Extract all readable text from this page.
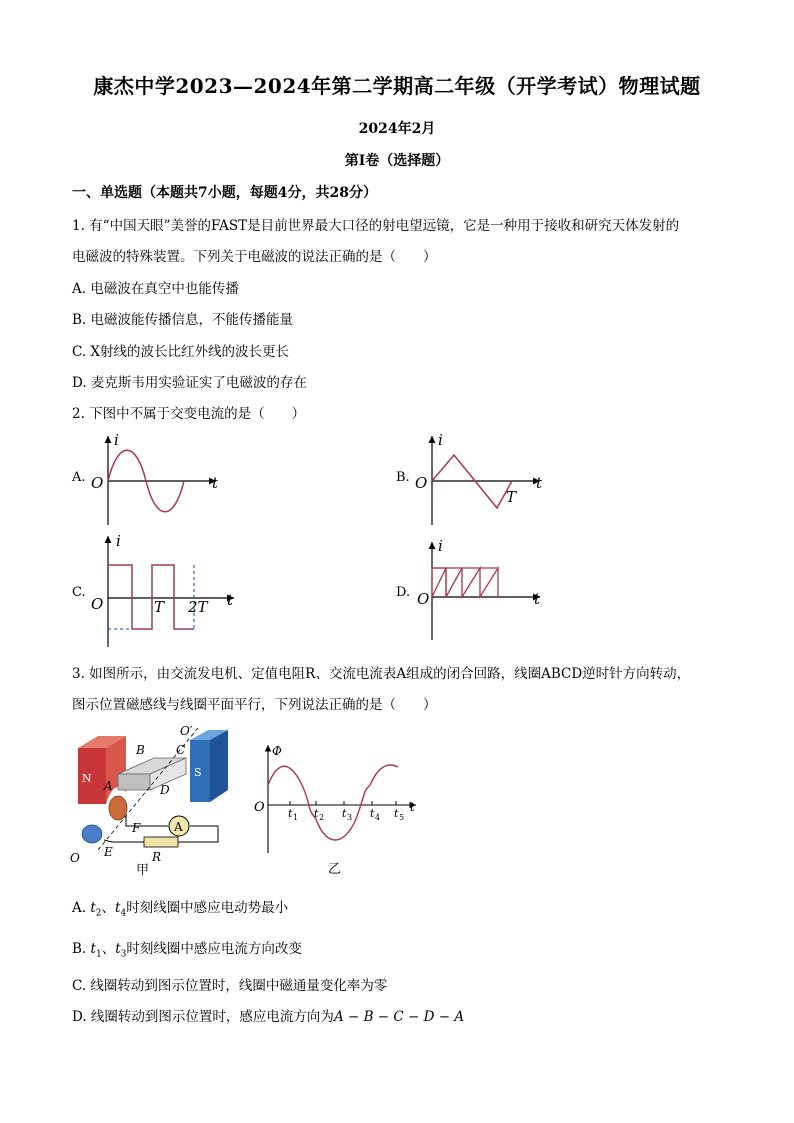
康杰中学2023—2024年第二学期高二年级（开学考试）物理试题
2024年2月
第Ⅰ卷（选择题）
一、单选题（本题共7小题，每题4分，共28分）
1. 有“中国天眼”美誉的FAST是目前世界最大口径的射电望远镜，它是一种用于接收和研究天体发射的
电磁波的特殊装置。下列关于电磁波的说法正确的是（　　）
A. 电磁波在真空中也能传播
B. 电磁波能传播信息，不能传播能量
C. X射线的波长比红外线的波长更长
D. 麦克斯韦用实验证实了电磁波的存在
2. 下图中不属于交变电流的是（　　）
A.	B.
C.	D.
i
t
O
i
t
O
T
i
t
O	T 2T
i
t
O
3. 如图所示，由交流发电机、定值电阻R、交流电流表A组成的闭合回路，线圈ABCD逆时针方向转动，
图示位置磁感线与线圈平面平行，下列说法正确的是（　　）
N	S
A
B	C
O′
A	D
F
E
O	R
甲
Φ
O	t
t t t t t
1	2	3	4 5
乙
A. $t_2$、$t_4$时刻线圈中感应电动势最小
B. $t_1$、$t_3$时刻线圈中感应电流方向改变
C. 线圈转动到图示位置时，线圈中磁通量变化率为零
D. 线圈转动到图示位置时，感应电流方向为A − B − C − D − A
